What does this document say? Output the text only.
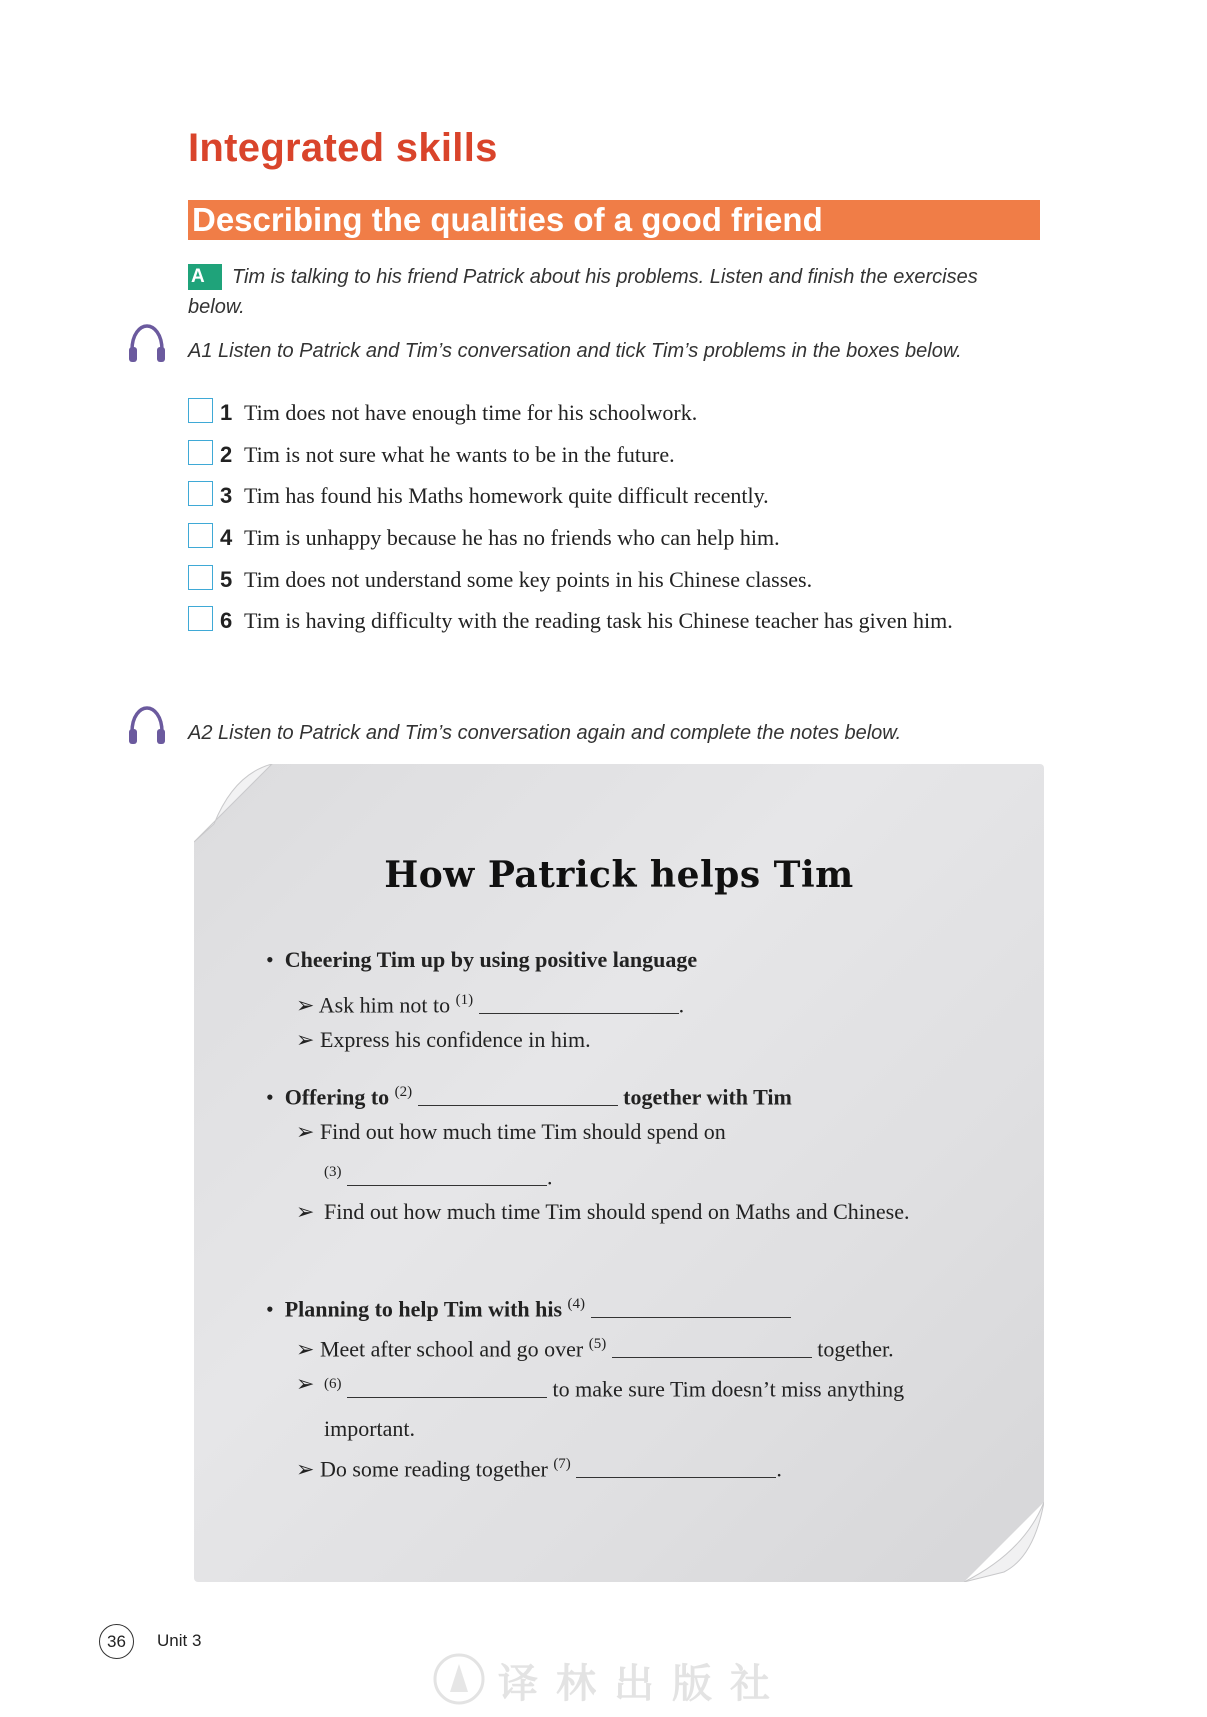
Integrated skills
Describing the qualities of a good friend
A Tim is talking to his friend Patrick about his problems. Listen and finish the exercises below.
A1 Listen to Patrick and Tim’s conversation and tick Tim’s problems in the boxes below.
1 Tim does not have enough time for his schoolwork.
2 Tim is not sure what he wants to be in the future.
3 Tim has found his Maths homework quite difficult recently.
4 Tim is unhappy because he has no friends who can help him.
5 Tim does not understand some key points in his Chinese classes.
6 Tim is having difficulty with the reading task his Chinese teacher has given him.
A2 Listen to Patrick and Tim’s conversation again and complete the notes below.
How Patrick helps Tim
•  Cheering Tim up by using positive language
➢ Ask him not to $^{(1)}$	.
➢ Express his confidence in him.
•  Offering to $^{(2)}$	together with Tim
➢ Find out how much time Tim should spend on
$^{(3)}$	.
➢ Find out how much time Tim should spend on Maths and Chinese.
•  Planning to help Tim with his $^{(4)}$
➢ Meet after school and go over $^{(5)}$	together.
➢ $^{(6)}$	to make sure Tim doesn’t miss anything important.
➢ Do some reading together $^{(7)}$	.
36	Unit 3
译林出版社
